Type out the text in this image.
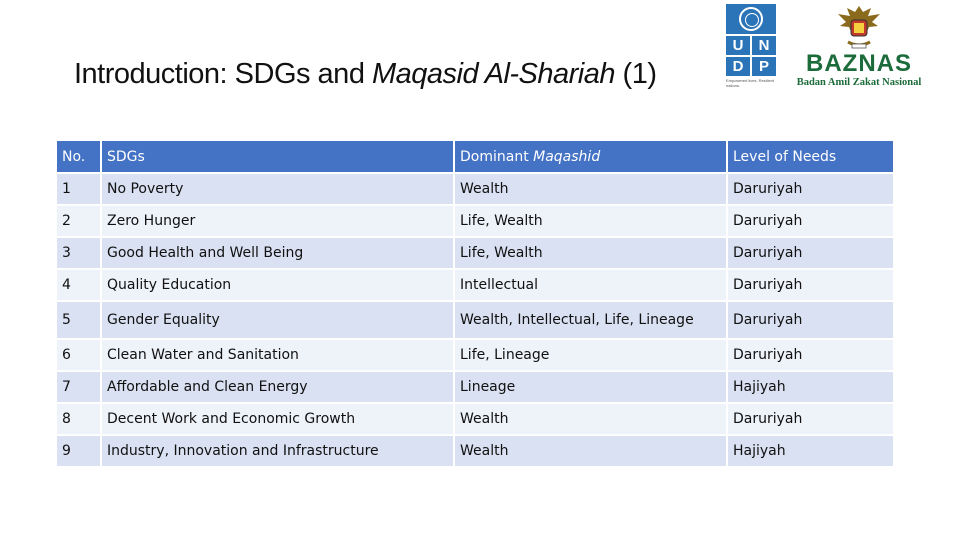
Introduction: SDGs and Maqasid Al-Shariah (1)
U	N
D	P
Empowered lives. Resilient nations.
BAZNAS
Badan Amil Zakat Nasional
No.	SDGs	Dominant Maqashid	Level of Needs
1	No Poverty	Wealth	Daruriyah
2	Zero Hunger	Life, Wealth	Daruriyah
3	Good Health and Well Being	Life, Wealth	Daruriyah
4	Quality Education	Intellectual	Daruriyah
5	Gender Equality	Wealth, Intellectual, Life, Lineage	Daruriyah
6	Clean Water and Sanitation	Life, Lineage	Daruriyah
7	Affordable and Clean Energy	Lineage	Hajiyah
8	Decent Work and Economic Growth	Wealth	Daruriyah
9	Industry, Innovation and Infrastructure	Wealth	Hajiyah
